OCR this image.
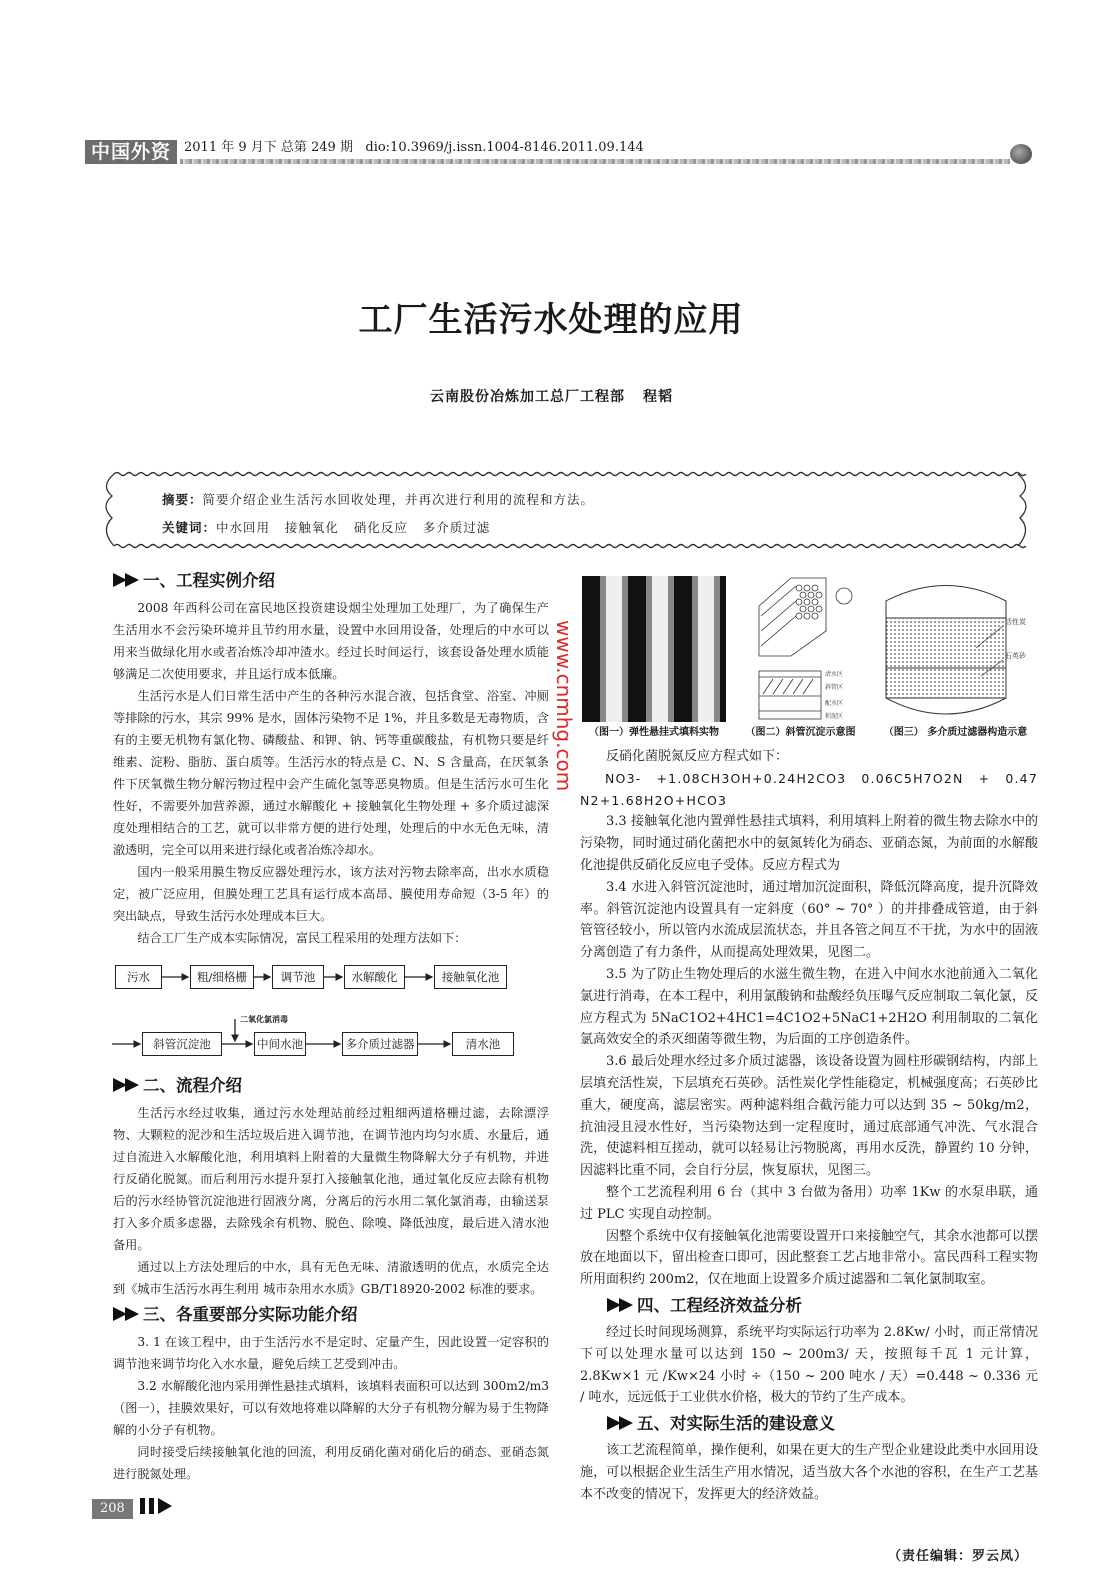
中国外资	2011 年 9 月下 总第 249 期 dio:10.3969/j.issn.1004-8146.2011.09.144
工厂生活污水处理的应用
云南股份冶炼加工总厂工程部 程韬
摘要：简要介绍企业生活污水回收处理，并再次进行利用的流程和方法。
关键词：中水回用   接触氧化   硝化反应   多介质过滤
一、工程实例介绍

2008 年西科公司在富民地区投资建设烟尘处理加工处理厂，为了确保生产生活用水不会污染环境并且节约用水量，设置中水回用设备，处理后的中水可以用来当做绿化用水或者冶炼冷却冲渣水。经过长时间运行，该套设备处理水质能够满足二次使用要求，并且运行成本低廉。

生活污水是人们日常生活中产生的各种污水混合液，包括食堂、浴室、冲厕等排除的污水，其宗 99% 是水，固体污染物不足 1%，并且多数是无毒物质，含有的主要无机物有氯化物、磷酸盐、和钾、钠、钙等重碳酸盐，有机物只要是纤维素、淀粉、脂肪、蛋白质等。生活污水的特点是 C、N、S 含量高，在厌氧条件下厌氧微生物分解污物过程中会产生硫化氢等恶臭物质。但是生活污水可生化性好，不需要外加营养源，通过水解酸化 + 接触氧化生物处理 + 多介质过滤深度处理相结合的工艺，就可以非常方便的进行处理，处理后的中水无色无味，清澈透明，完全可以用来进行绿化或者冶炼冷却水。

国内一般采用膜生物反应器处理污水，该方法对污物去除率高，出水水质稳定，被广泛应用，但膜处理工艺具有运行成本高昂、膜使用寿命短（3-5 年）的突出缺点，导致生活污水处理成本巨大。

结合工厂生产成本实际情况，富民工程采用的处理方法如下：

污水	粗/细格栅	调节池	水解酸化	接触氧化池
二氧化氯消毒
斜管沉淀池	中间水池	多介质过滤器	清水池
二、流程介绍

生活污水经过收集，通过污水处理站前经过粗细两道格栅过滤，去除漂浮物、大颗粒的泥沙和生活垃圾后进入调节池，在调节池内均匀水质、水量后，通过自流进入水解酸化池，利用填料上附着的大量微生物降解大分子有机物，并进行反硝化脱氮。而后利用污水提升泵打入接触氧化池，通过氧化反应去除有机物后的污水经协管沉淀池进行固液分离，分离后的污水用二氧化氯消毒，由输送泵打入多介质多虑器，去除残余有机物、脱色、除嗅、降低浊度，最后进入清水池备用。

通过以上方法处理后的中水，具有无色无味、清澈透明的优点，水质完全达到《城市生活污水再生利用 城市杂用水水质》GB/T18920-2002 标准的要求。

三、各重要部分实际功能介绍

3. 1 在该工程中，由于生活污水不是定时、定量产生，因此设置一定容积的调节池来调节均化入水水量，避免后续工艺受到冲击。

3.2 水解酸化池内采用弹性悬挂式填料，该填料表面积可以达到 300m2/m3（图一），挂膜效果好，可以有效地将难以降解的大分子有机物分解为易于生物降解的小分子有机物。

同时接受后续接触氧化池的回流，利用反硝化菌对硝化后的硝态、亚硝态氮进行脱氮处理。

（图一）弹性悬挂式填料实物
清水区
斜管区
配水区
积泥区
（图二）斜管沉淀示意图
活性炭
石英砂
（图三） 多介质过滤器构造示意

反硝化菌脱氮反应方程式如下：

NO3- +1.08CH3OH+0.24H2CO3 0.06C5H7O2N + 0.47 N2+1.68H2O+HCO3

3.3 接触氧化池内置弹性悬挂式填料，利用填料上附着的微生物去除水中的污染物，同时通过硝化菌把水中的氨氮转化为硝态、亚硝态氮，为前面的水解酸化池提供反硝化反应电子受体。反应方程式为

3.4 水进入斜管沉淀池时，通过增加沉淀面积，降低沉降高度，提升沉降效率。斜管沉淀池内设置具有一定斜度（60° ~ 70° ）的并排叠成管道，由于斜管管径较小，所以管内水流成层流状态，并且各管之间互不干扰，为水中的固液分离创造了有力条件，从而提高处理效果，见图二。

3.5 为了防止生物处理后的水滋生微生物，在进入中间水水池前通入二氧化氯进行消毒，在本工程中，利用氯酸钠和盐酸经负压曝气反应制取二氧化氯，反应方程式为 5NaC1O2+4HC1=4C1O2+5NaC1+2H2O 利用制取的二氧化氯高效安全的杀灭细菌等微生物，为后面的工序创造条件。

3.6 最后处理水经过多介质过滤器，该设备设置为圆柱形碳钢结构，内部上层填充活性炭，下层填充石英砂。活性炭化学性能稳定，机械强度高；石英砂比重大，硬度高，滤层密实。两种滤料组合截污能力可以达到 35 ~ 50kg/m2，抗油浸且浸水性好，当污染物达到一定程度时，通过底部通气冲洗、气水混合洗，使滤料相互搓动，就可以轻易让污物脱离，再用水反洗，静置约 10 分钟，因滤料比重不同，会自行分层，恢复原状，见图三。

整个工艺流程利用 6 台（其中 3 台做为备用）功率 1Kw 的水泵串联，通过 PLC 实现自动控制。

因整个系统中仅有接触氧化池需要设置开口来接触空气，其余水池都可以摆放在地面以下，留出检查口即可，因此整套工艺占地非常小。富民西科工程实物所用面积约 200m2，仅在地面上设置多介质过滤器和二氧化氯制取室。

四、工程经济效益分析

经过长时间现场测算，系统平均实际运行功率为 2.8Kw/ 小时，而正常情况下可以处理水量可以达到 150 ~ 200m3/ 天，按照每千瓦 1 元计算，2.8Kw×1 元 /Kw×24 小时 ÷（150 ~ 200 吨水 / 天）=0.448 ~ 0.336 元 / 吨水，远远低于工业供水价格，极大的节约了生产成本。

五、对实际生活的建设意义

该工艺流程简单，操作便利，如果在更大的生产型企业建设此类中水回用设施，可以根据企业生活生产用水情况，适当放大各个水池的容积，在生产工艺基本不改变的情况下，发挥更大的经济效益。

（责任编辑：罗云凤）
www.cnmhg.com
208
